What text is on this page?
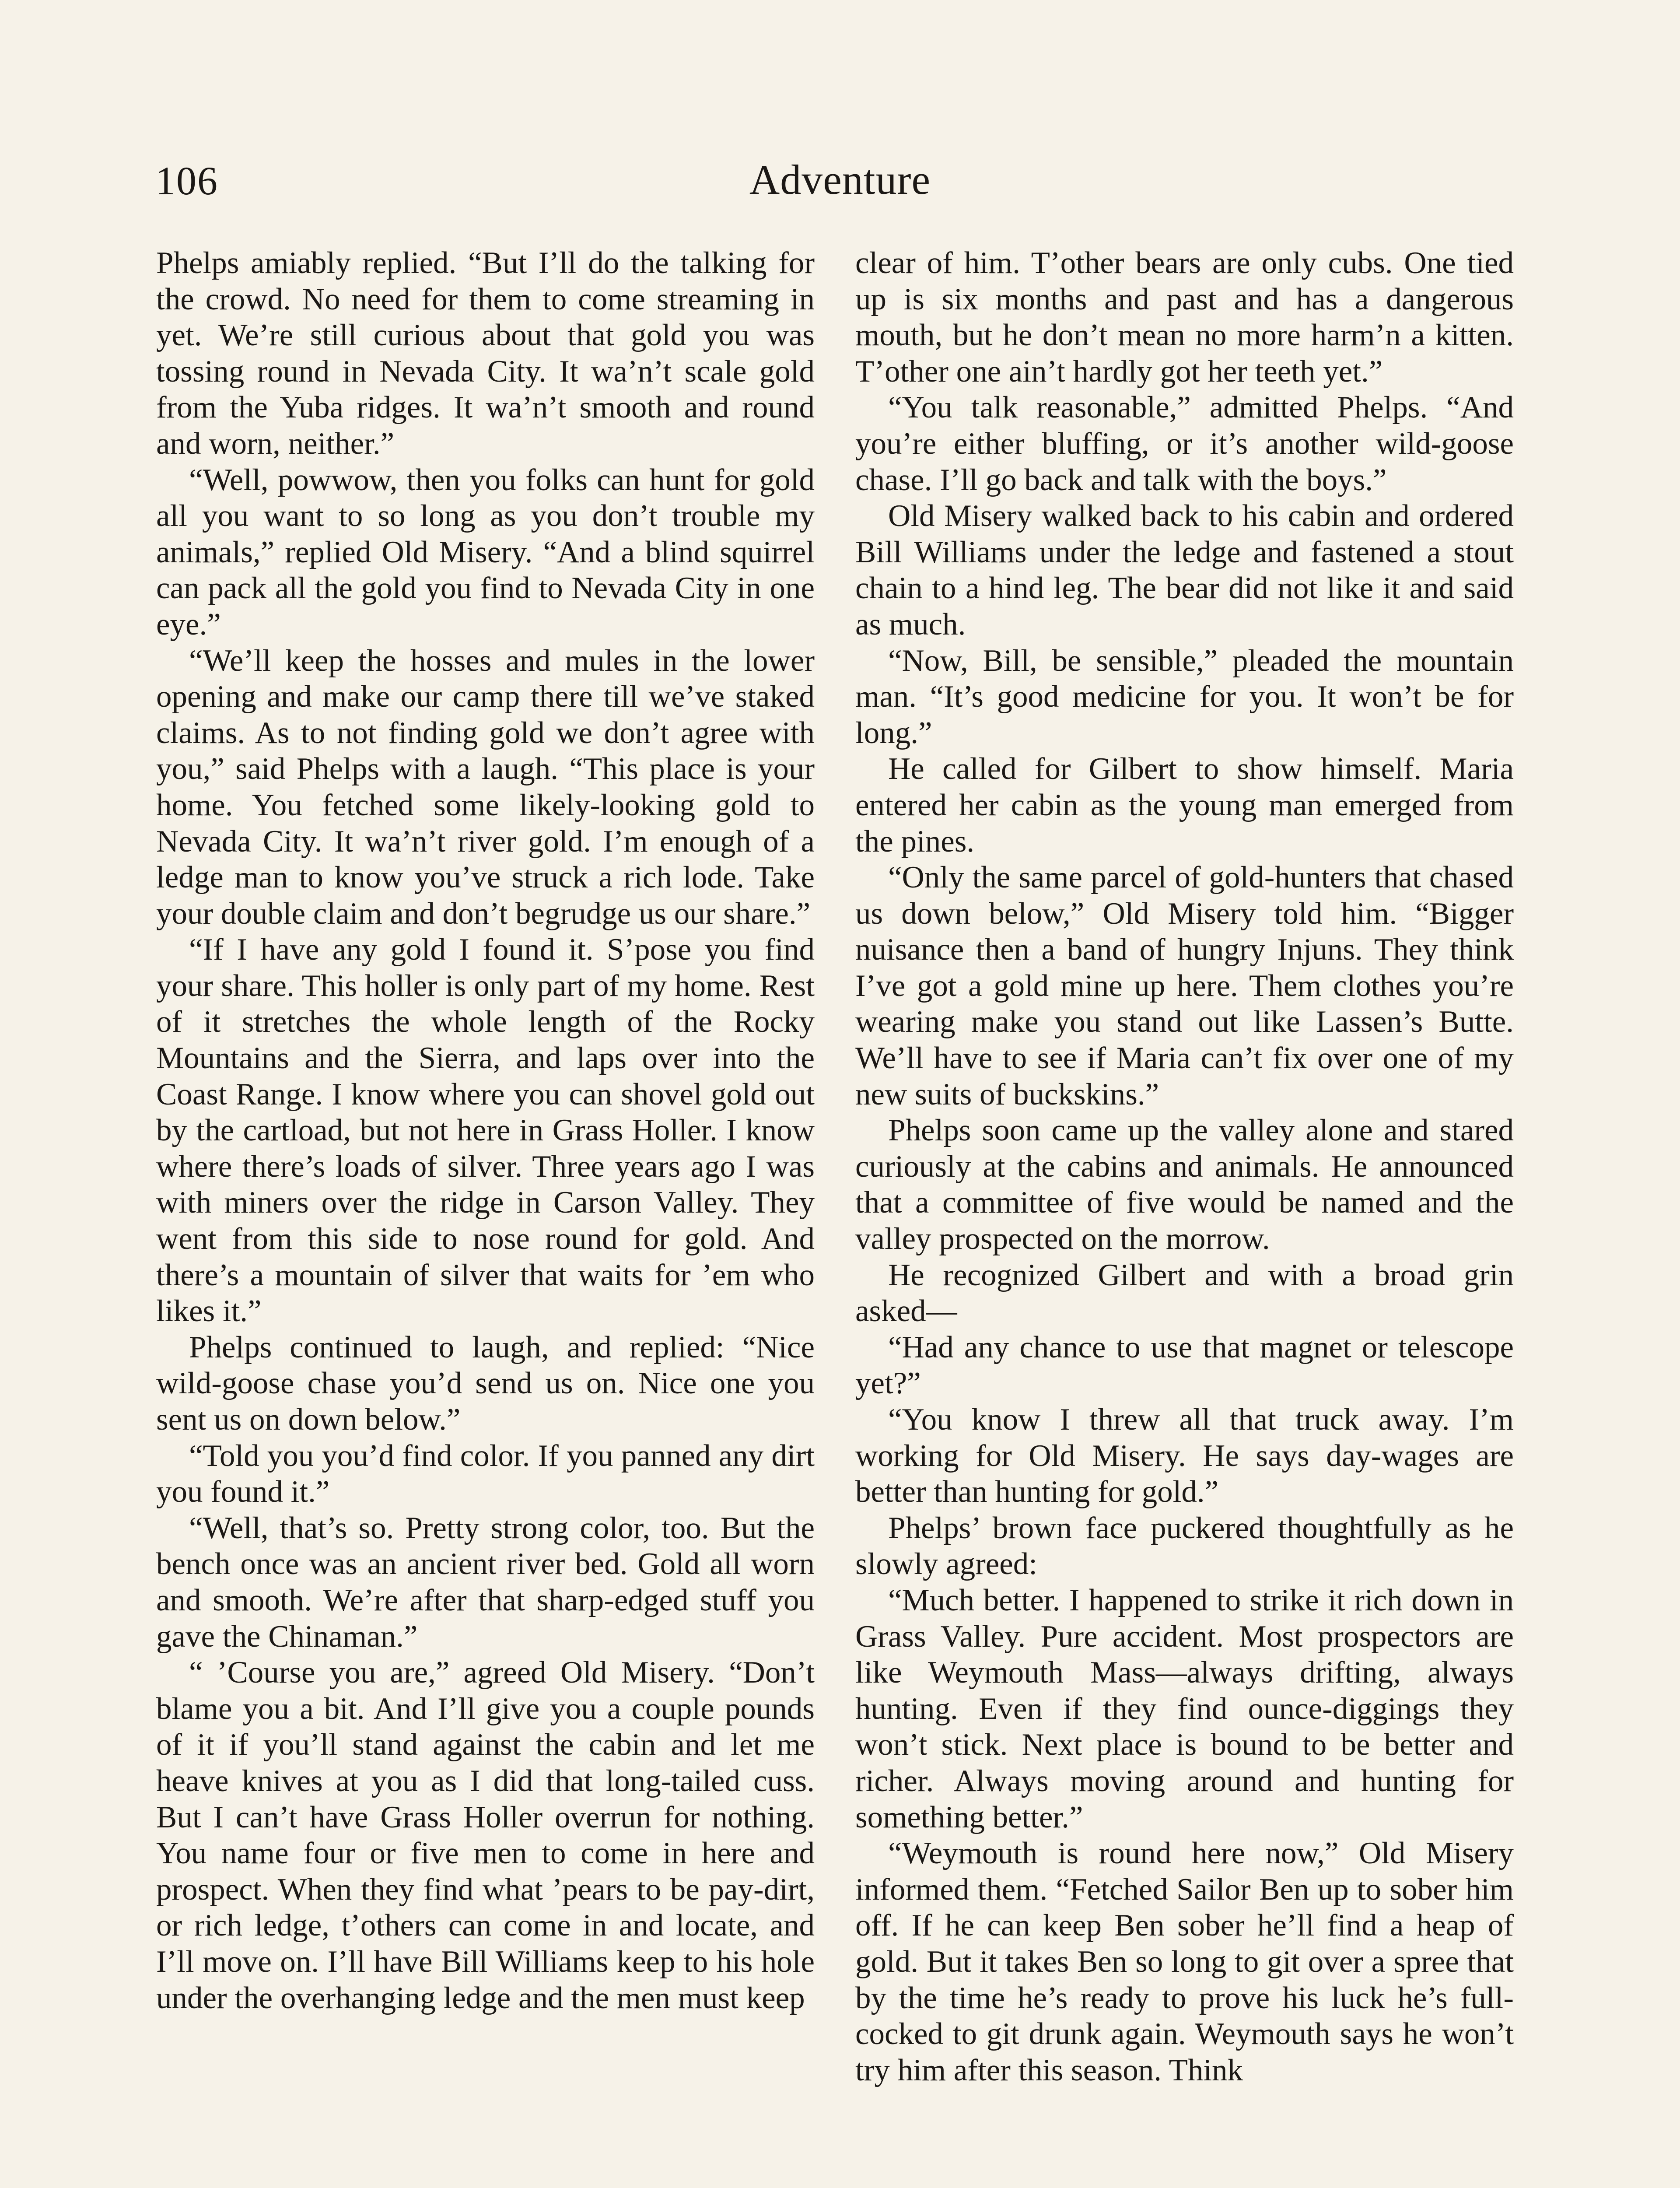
106	Adventure

Phelps amiably replied. “But I’ll do the talking for the crowd. No need for them to come streaming in yet. We’re still curious about that gold you was tossing round in Nevada City. It wa’n’t scale gold from the Yuba ridges. It wa’n’t smooth and round and worn, neither.”

“Well, powwow, then you folks can hunt for gold all you want to so long as you don’t trouble my animals,” replied Old Misery. “And a blind squirrel can pack all the gold you find to Nevada City in one eye.”

“We’ll keep the hosses and mules in the lower opening and make our camp there till we’ve staked claims. As to not finding gold we don’t agree with you,” said Phelps with a laugh. “This place is your home. You fetched some likely-looking gold to Nevada City. It wa’n’t river gold. I’m enough of a ledge man to know you’ve struck a rich lode. Take your double claim and don’t begrudge us our share.”

“If I have any gold I found it. S’pose you find your share. This holler is only part of my home. Rest of it stretches the whole length of the Rocky Mountains and the Sierra, and laps over into the Coast Range. I know where you can shovel gold out by the cartload, but not here in Grass Holler. I know where there’s loads of silver. Three years ago I was with miners over the ridge in Carson Valley. They went from this side to nose round for gold. And there’s a mountain of silver that waits for ’em who likes it.”

Phelps continued to laugh, and replied: “Nice wild-goose chase you’d send us on. Nice one you sent us on down below.”

“Told you you’d find color. If you panned any dirt you found it.”

“Well, that’s so. Pretty strong color, too. But the bench once was an ancient river bed. Gold all worn and smooth. We’re after that sharp-edged stuff you gave the Chinaman.”

“ ’Course you are,” agreed Old Misery. “Don’t blame you a bit. And I’ll give you a couple pounds of it if you’ll stand against the cabin and let me heave knives at you as I did that long-tailed cuss. But I can’t have Grass Holler overrun for nothing. You name four or five men to come in here and prospect. When they find what ’pears to be pay-dirt, or rich ledge, t’others can come in and locate, and I’ll move on. I’ll have Bill Williams keep to his hole under the overhanging ledge and the men must keep

clear of him. T’other bears are only cubs. One tied up is six months and past and has a dangerous mouth, but he don’t mean no more harm’n a kitten. T’other one ain’t hardly got her teeth yet.”

“You talk reasonable,” admitted Phelps. “And you’re either bluffing, or it’s another wild-goose chase. I’ll go back and talk with the boys.”

Old Misery walked back to his cabin and ordered Bill Williams under the ledge and fastened a stout chain to a hind leg. The bear did not like it and said as much.

“Now, Bill, be sensible,” pleaded the mountain man. “It’s good medicine for you. It won’t be for long.”

He called for Gilbert to show himself. Maria entered her cabin as the young man emerged from the pines.

“Only the same parcel of gold-hunters that chased us down below,” Old Misery told him. “Bigger nuisance then a band of hungry Injuns. They think I’ve got a gold mine up here. Them clothes you’re wearing make you stand out like Lassen’s Butte. We’ll have to see if Maria can’t fix over one of my new suits of buckskins.”

Phelps soon came up the valley alone and stared curiously at the cabins and animals. He announced that a committee of five would be named and the valley prospected on the morrow.

He recognized Gilbert and with a broad grin asked—

“Had any chance to use that magnet or telescope yet?”

“You know I threw all that truck away. I’m working for Old Misery. He says day-wages are better than hunting for gold.”

Phelps’ brown face puckered thoughtfully as he slowly agreed:

“Much better. I happened to strike it rich down in Grass Valley. Pure accident. Most prospectors are like Weymouth Mass—always drifting, always hunting. Even if they find ounce-diggings they won’t stick. Next place is bound to be better and richer. Always moving around and hunting for something better.”

“Weymouth is round here now,” Old Misery informed them. “Fetched Sailor Ben up to sober him off. If he can keep Ben sober he’ll find a heap of gold. But it takes Ben so long to git over a spree that by the time he’s ready to prove his luck he’s full-cocked to git drunk again. Weymouth says he won’t try him after this season. Think
